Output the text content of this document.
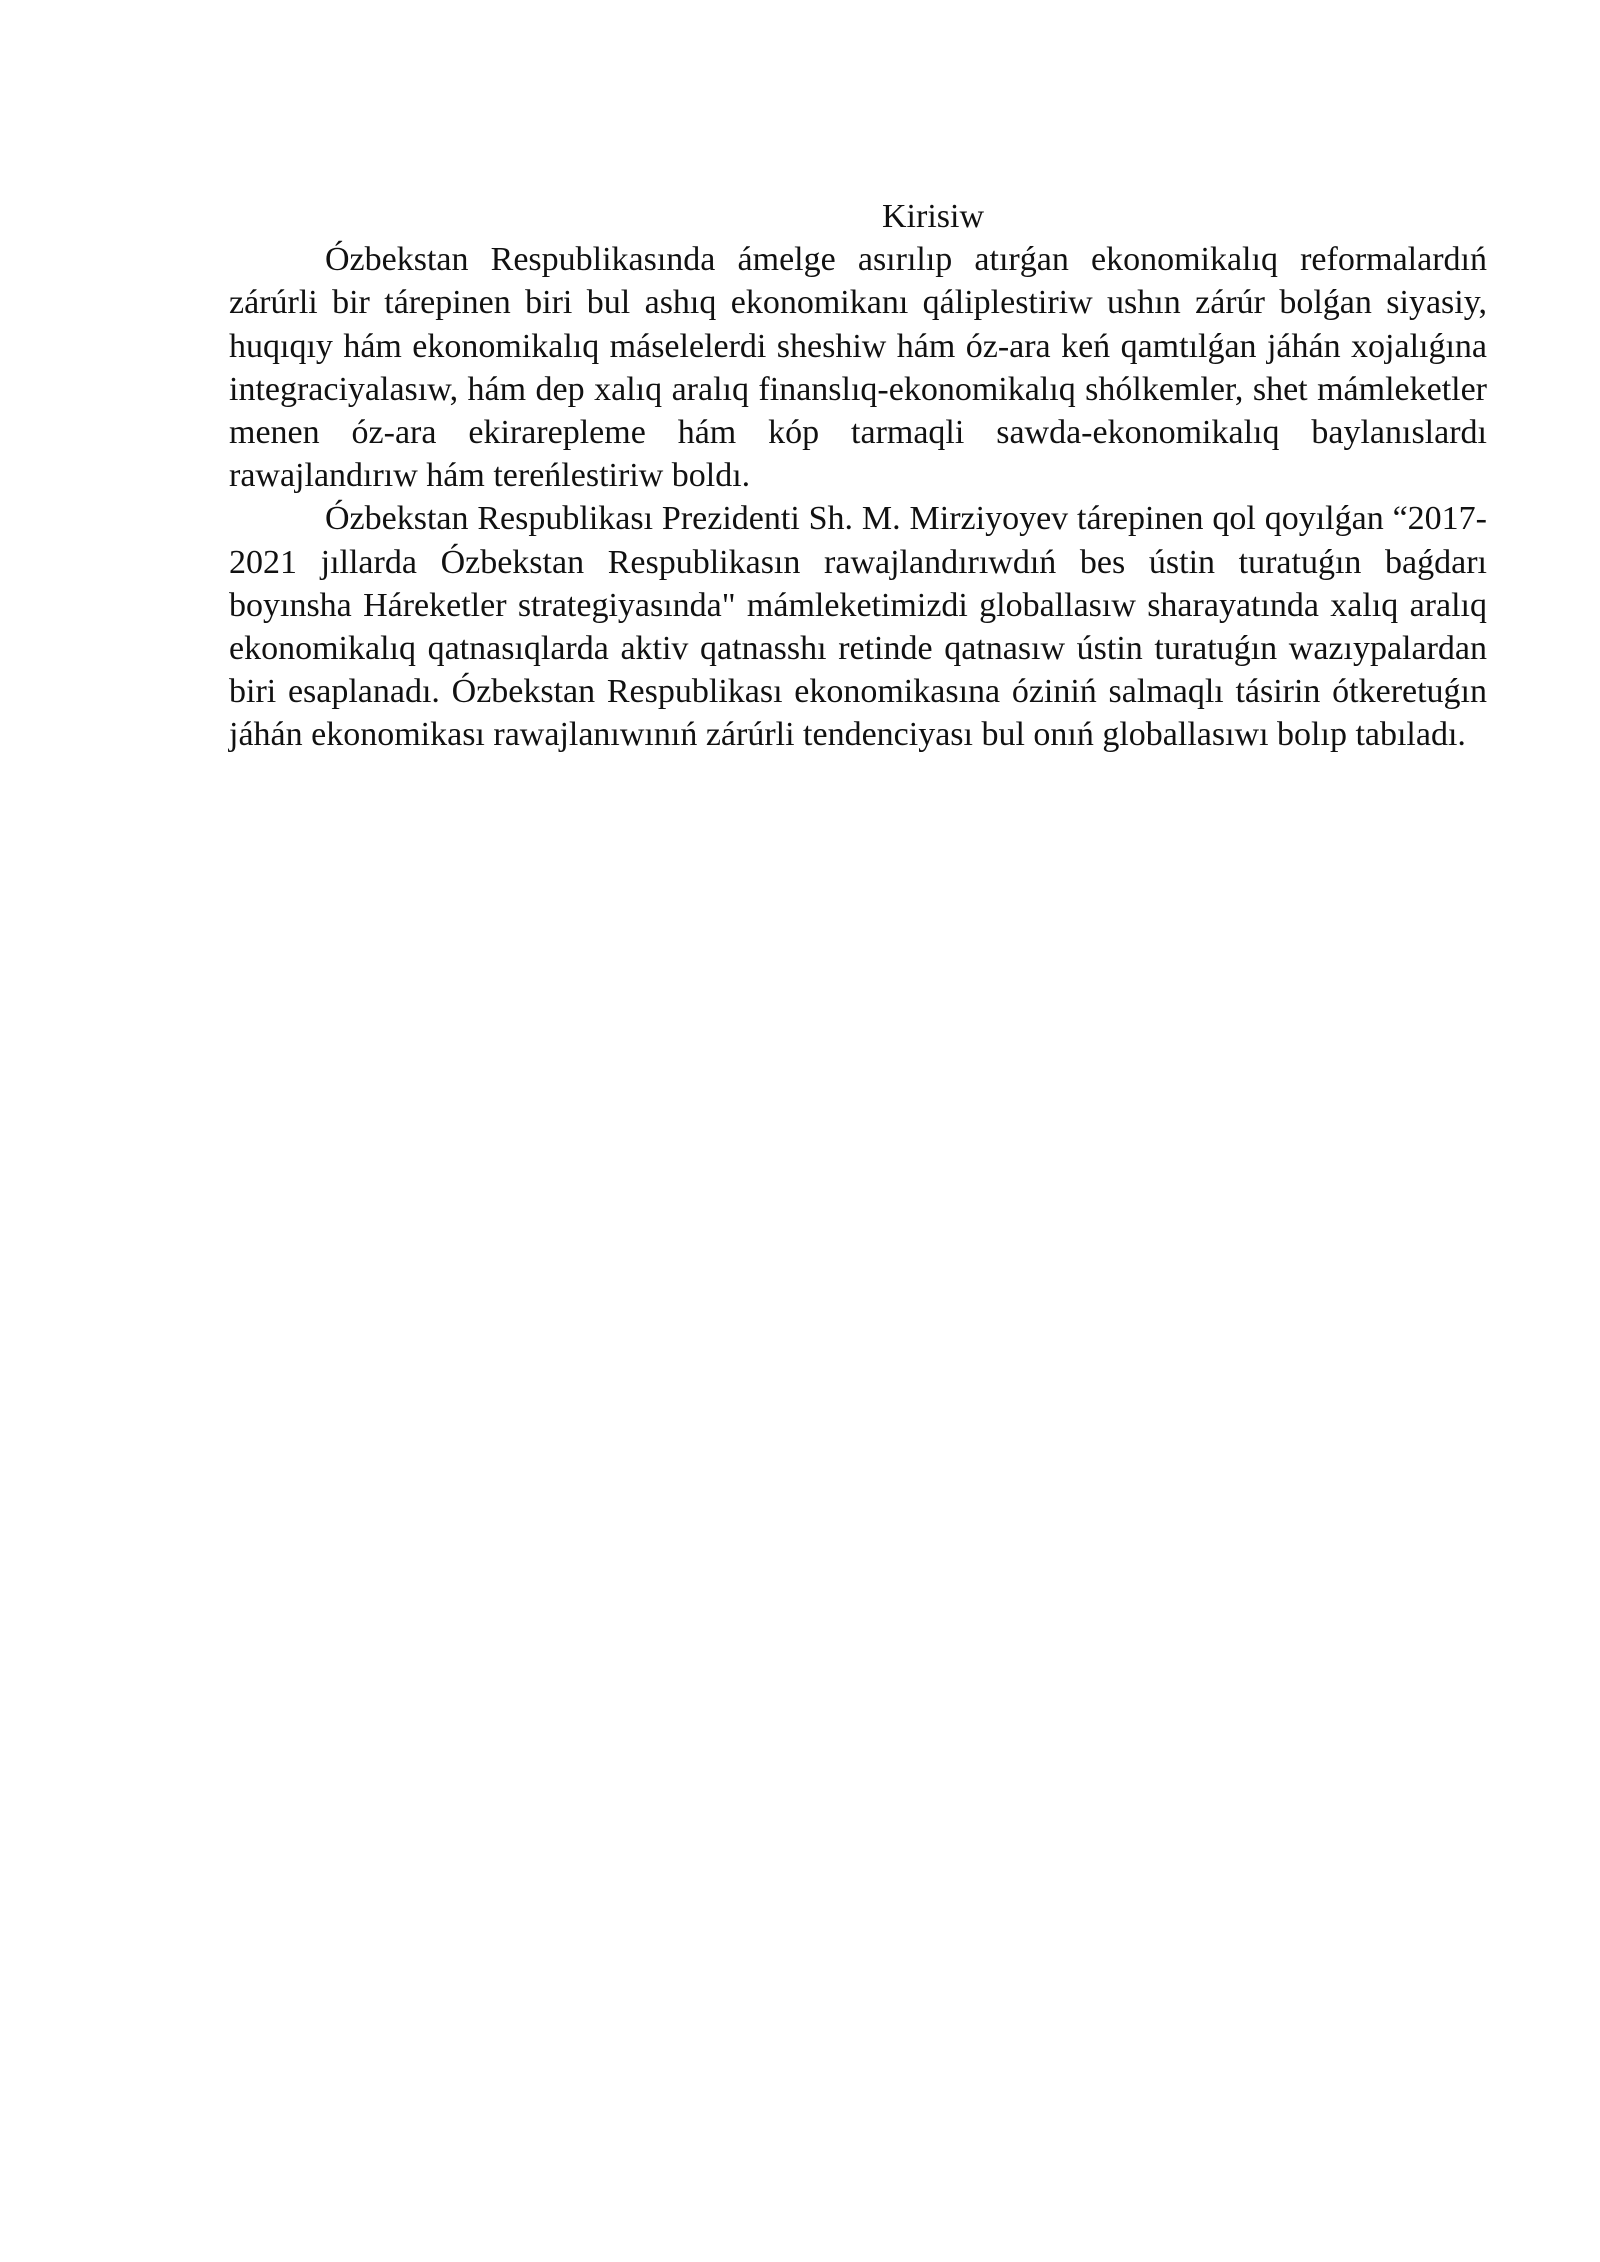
Kirisiw

Ózbekstan Respublikasında ámelge asırılıp atırǵan ekonomikalıq reformalardıń zárúrli bir tárepinen biri bul ashıq ekonomikanı qáliplestiriw ushın zárúr bolǵan siyasiy, huqıqıy hám ekonomikalıq máselelerdi sheshiw hám óz-ara keń qamtılǵan jáhán xojalıǵına integraciyalasıw, hám dep xalıq aralıq finanslıq-ekonomikalıq shólkemler, shet mámleketler menen óz-ara ekirarepleme hám kóp tarmaqli sawda-ekonomikalıq baylanıslardı rawajlandırıw hám tereńlestiriw boldı.

Ózbekstan Respublikası Prezidenti Sh. M. Mirziyoyev tárepinen qol qoyılǵan “2017-2021 jıllarda Ózbekstan Respublikasın rawajlandırıwdıń bes ústin turatuǵın baǵdarı boyınsha Háreketler strategiyasında" mámleketimizdi globallasıw sharayatında xalıq aralıq ekonomikalıq qatnasıqlarda aktiv qatnasshı retinde qatnasıw ústin turatuǵın wazıypalardan biri esaplanadı. Ózbekstan Respublikası ekonomikasına óziniń salmaqlı tásirin ótkeretuǵın jáhán ekonomikası rawajlanıwınıń zárúrli tendenciyası bul onıń globallasıwı bolıp tabıladı.
